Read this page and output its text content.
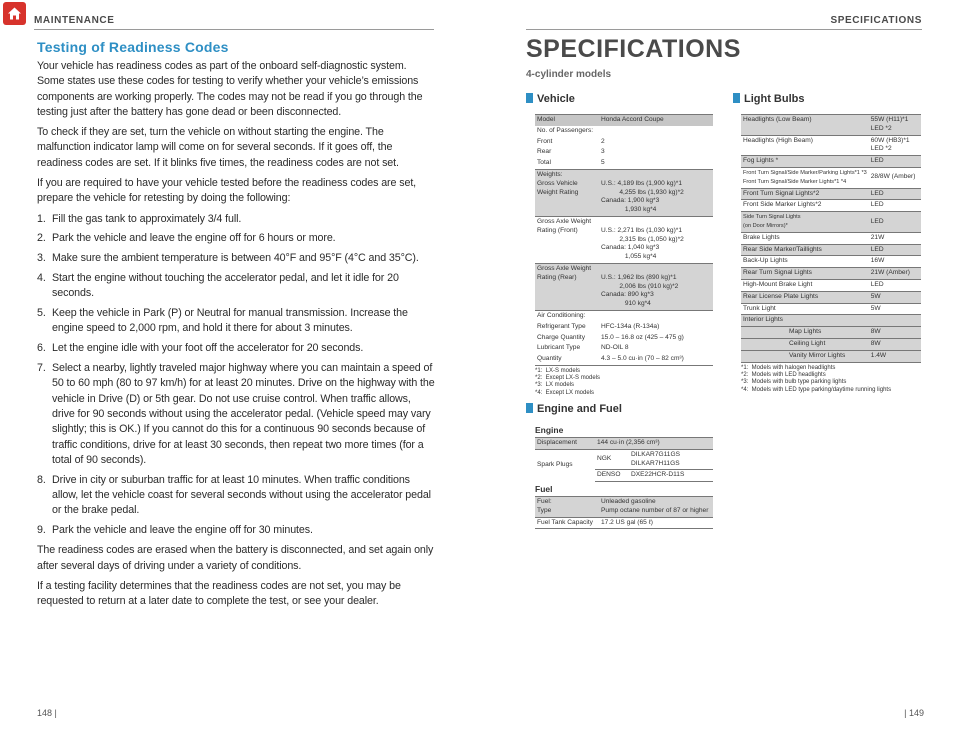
MAINTENANCE
Testing of Readiness Codes

Your vehicle has readiness codes as part of the onboard self-diagnostic system. Some states use these codes for testing to verify whether your vehicle’s emissions components are working properly. The codes may not be read if you go through the testing just after the battery has gone dead or been disconnected.

To check if they are set, turn the vehicle on without starting the engine. The malfunction indicator lamp will come on for several seconds. If it goes off, the readiness codes are set. If it blinks five times, the readiness codes are not set.

If you are required to have your vehicle tested before the readiness codes are set, prepare the vehicle for retesting by doing the following:

1. Fill the gas tank to approximately 3/4 full.
2. Park the vehicle and leave the engine off for 6 hours or more.
3. Make sure the ambient temperature is between 40°F and 95°F (4°C and 35°C).
4. Start the engine without touching the accelerator pedal, and let it idle for 20 seconds.
5. Keep the vehicle in Park (P) or Neutral for manual transmission. Increase the engine speed to 2,000 rpm, and hold it there for about 3 minutes.
6. Let the engine idle with your foot off the accelerator for 20 seconds.
7. Select a nearby, lightly traveled major highway where you can maintain a speed of 50 to 60 mph (80 to 97 km/h) for at least 20 minutes. Drive on the highway with the vehicle in Drive (D) or 5th gear. Do not use cruise control. When traffic allows, drive for 90 seconds without using the accelerator pedal. (Vehicle speed may vary slightly; this is OK.) If you cannot do this for a continuous 90 seconds because of traffic conditions, drive for at least 30 seconds, then repeat two more times (for a total of 90 seconds).
8. Drive in city or suburban traffic for at least 10 minutes. When traffic conditions allow, let the vehicle coast for several seconds without using the accelerator pedal or the brake pedal.
9. Park the vehicle and leave the engine off for 30 minutes.

The readiness codes are erased when the battery is disconnected, and set again only after several days of driving under a variety of conditions.

If a testing facility determines that the readiness codes are not set, you may be requested to return at a later date to complete the test, or see your dealer.

148 |
SPECIFICATIONS
SPECIFICATIONS
4-cylinder models
Vehicle
Model	Honda Accord Coupe
No. of Passengers:	
Front	2
Rear	3
Total	5
Weights:
Gross Vehicle
Weight Rating	
U.S.: 4,189 lbs (1,900 kg)*1
4,255 lbs (1,930 kg)*2
Canada: 1,900 kg*3
1,930 kg*4
Gross Axle Weight
Rating (Front)	
U.S.: 2,271 lbs (1,030 kg)*1
2,315 lbs (1,050 kg)*2
Canada: 1,040 kg*3
1,055 kg*4
Gross Axle Weight
Rating (Rear)	
U.S.: 1,962 lbs (890 kg)*1
2,006 lbs (910 kg)*2
Canada: 890 kg*3
910 kg*4
Air Conditioning:	
Refrigerant Type	HFC-134a (R-134a)
Charge Quantity	15.0 – 16.8 oz (425 – 475 g)
Lubricant Type	ND-OIL 8
Quantity	4.3 – 5.0 cu·in (70 – 82 cm³)
*1:  LX-S models
*2:  Except LX-S models
*3:  LX models
*4:  Except LX models
Engine and Fuel
Engine
Displacement	144 cu·in (2,356 cm³)	
Spark Plugs	NGK	DILKAR7G11GS
DILKAR7H11GS
	DENSO	DXE22HCR-D11S
Fuel
Fuel:
Type	Unleaded gasoline
Pump octane number of 87 or higher
Fuel Tank Capacity	17.2 US gal (65 ℓ)
Light Bulbs
Headlights (Low Beam)	55W (H11)*1
LED *2
Headlights (High Beam)	60W (HB3)*1
LED *2
Fog Lights *	LED
Front Turn Signal/Side Marker/Parking Lights*1 *3
Front Turn Signal/Side Marker Lights*1 *4	28/8W (Amber)
Front Turn Signal Lights*2	LED
Front Side Marker Lights*2	LED
Side Turn Signal Lights
(on Door Mirrors)*	LED
Brake Lights	21W
Rear Side Marker/Taillights	LED
Back-Up Lights	16W
Rear Turn Signal Lights	21W (Amber)
High-Mount Brake Light	LED
Rear License Plate Lights	5W
Trunk Light	5W
Interior Lights	
Map Lights	8W
Ceiling Light	8W
Vanity Mirror Lights	1.4W
*1:  Models with halogen headlights
*2:  Models with LED headlights
*3:  Models with bulb type parking lights
*4:  Models with LED type parking/daytime running lights
| 149
